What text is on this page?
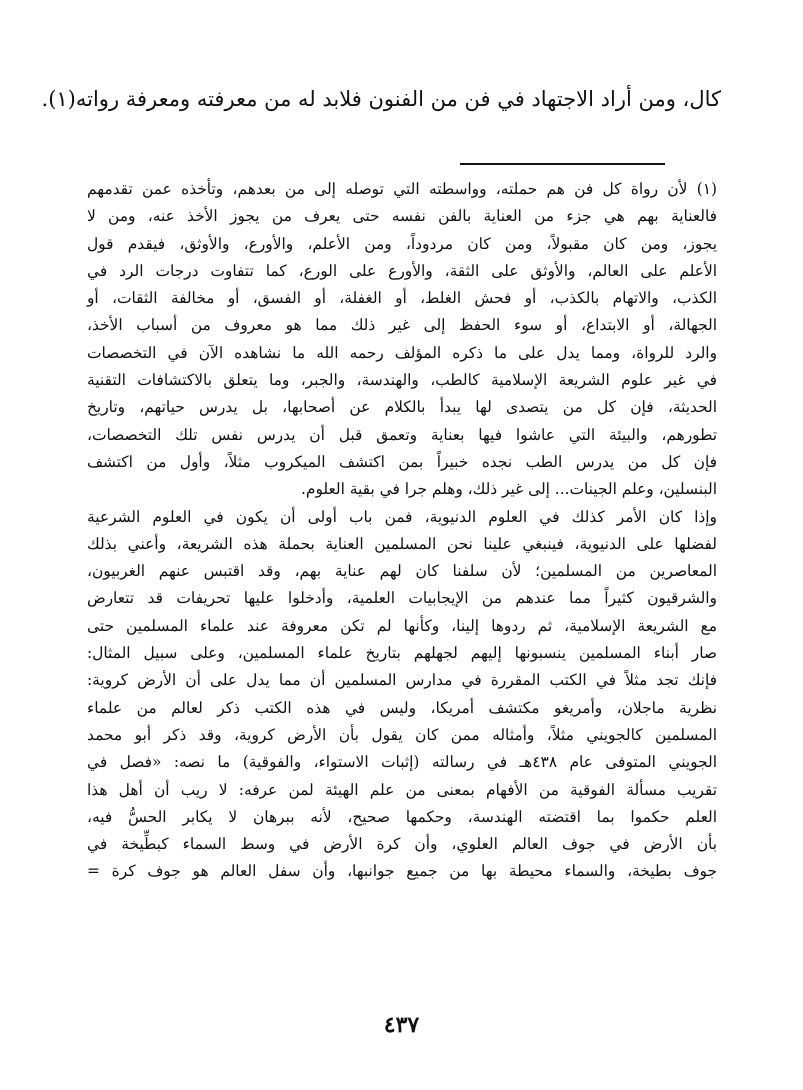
كال، ومن أراد الاجتهاد في فن من الفنون فلابد له من معرفته ومعرفة رواته(١).
(١) لأن رواة كل فن هم حملته، وواسطته التي توصله إلى من بعدهم، وتأخذه عمن تقدمهم
فالعناية بهم هي جزء من العناية بالفن نفسه حتى يعرف من يجوز الأخذ عنه، ومن لا
يجوز، ومن كان مقبولاً، ومن كان مردوداً، ومن الأعلم، والأورع، والأوثق، فيقدم قول
الأعلم على العالم، والأوثق على الثقة، والأورع على الورع، كما تتفاوت درجات الرد في
الكذب، والاتهام بالكذب، أو فحش الغلط، أو الغفلة، أو الفسق، أو مخالفة الثقات، أو
الجهالة، أو الابتداع، أو سوء الحفظ إلى غير ذلك مما هو معروف من أسباب الأخذ،
والرد للرواة، ومما يدل على ما ذكره المؤلف رحمه الله ما نشاهده الآن في التخصصات
في غير علوم الشريعة الإسلامية كالطب، والهندسة، والجبر، وما يتعلق بالاكتشافات التقنية
الحديثة، فإن كل من يتصدى لها يبدأ بالكلام عن أصحابها، بل يدرس حياتهم، وتاريخ
تطورهم، والبيئة التي عاشوا فيها بعناية وتعمق قبل أن يدرس نفس تلك التخصصات،
فإن كل من يدرس الطب نجده خبيراً بمن اكتشف الميكروب مثلاً، وأول من اكتشف
البنسلين، وعلم الجينات... إلى غير ذلك، وهلم جرا في بقية العلوم.
وإذا كان الأمر كذلك في العلوم الدنيوية، فمن باب أولى أن يكون في العلوم الشرعية
لفضلها على الدنيوية، فينبغي علينا نحن المسلمين العناية بحملة هذه الشريعة، وأعني بذلك
المعاصرين من المسلمين؛ لأن سلفنا كان لهم عناية بهم، وقد اقتبس عنهم الغربيون،
والشرقيون كثيراً مما عندهم من الإيجابيات العلمية، وأدخلوا عليها تحريفات قد تتعارض
مع الشريعة الإسلامية، ثم ردوها إلينا، وكأنها لم تكن معروفة عند علماء المسلمين حتى
صار أبناء المسلمين ينسبونها إليهم لجهلهم بتاريخ علماء المسلمين، وعلى سبيل المثال:
فإنك تجد مثلاً في الكتب المقررة في مدارس المسلمين أن مما يدل على أن الأرض كروية:
نظرية ماجلان، وأمريغو مكتشف أمريكا، وليس في هذه الكتب ذكر لعالم من علماء
المسلمين كالجويني مثلاً، وأمثاله ممن كان يقول بأن الأرض كروية، وقد ذكر أبو محمد
الجويني المتوفى عام ٤٣٨هـ في رسالته (إثبات الاستواء، والفوقية) ما نصه: «فصل في
تقريب مسألة الفوقية من الأفهام بمعنى من علم الهيئة لمن عرفه: لا ريب أن أهل هذا
العلم حكموا بما اقتضته الهندسة، وحكمها صحيح، لأنه ببرهان لا يكابر الحسُّ فيه،
بأن الأرض في جوف العالم العلوي، وأن كرة الأرض في وسط السماء كبطِّيخة في
جوف بطيخة، والسماء محيطة بها من جميع جوانبها، وأن سفل العالم هو جوف كرة =
٤٣٧
